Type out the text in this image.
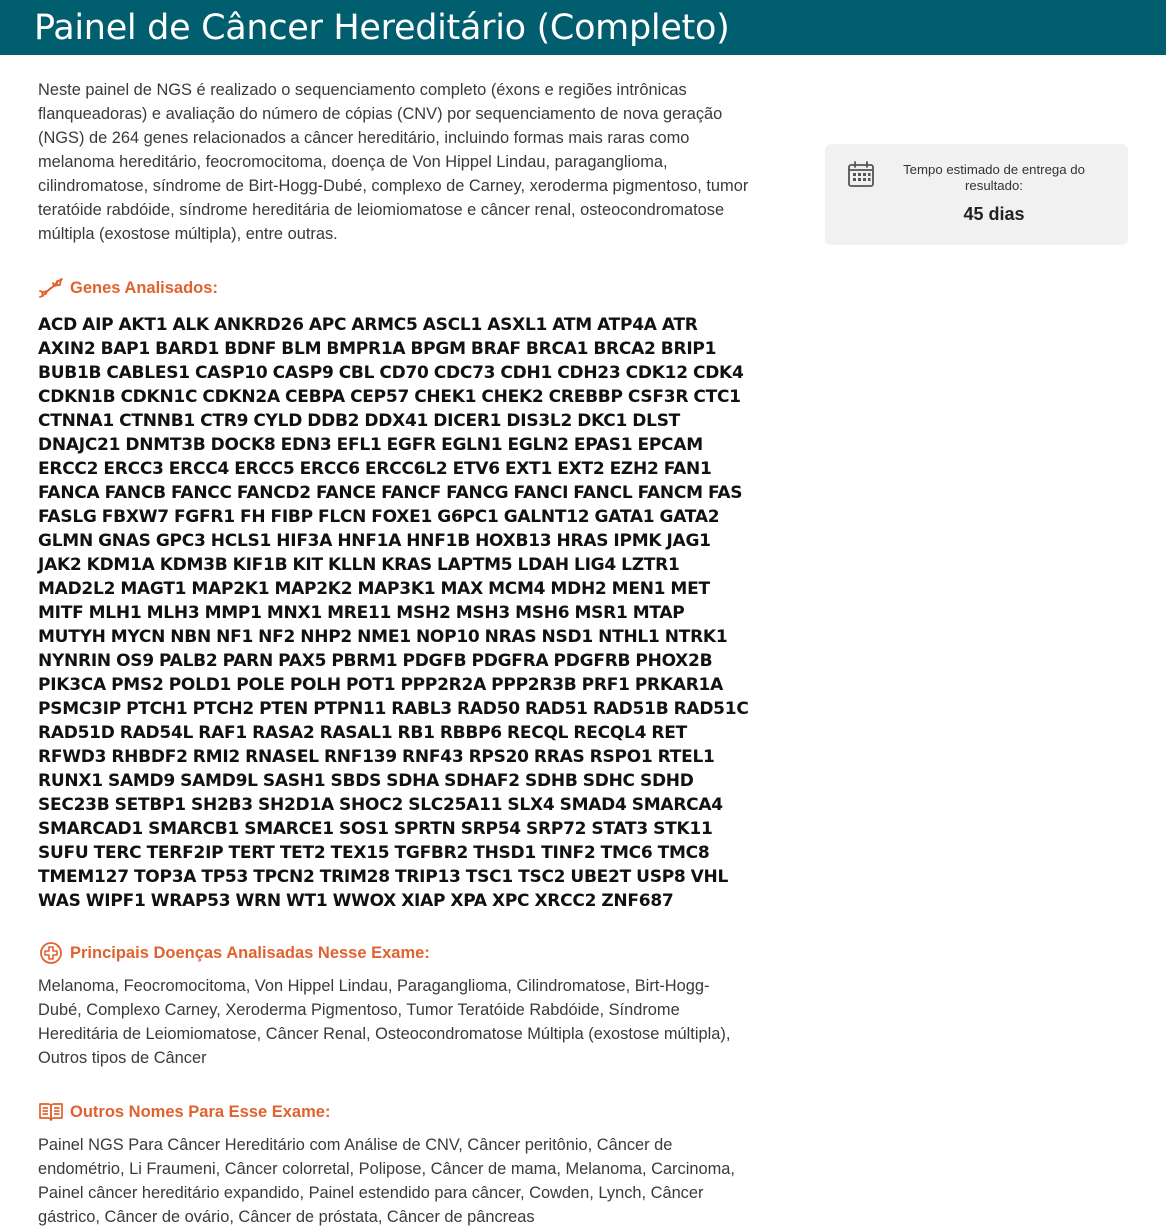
Painel de Câncer Hereditário (Completo)

Neste painel de NGS é realizado o sequenciamento completo (éxons e regiões intrônicas flanqueadoras) e avaliação do número de cópias (CNV) por sequenciamento de nova geração (NGS) de 264 genes relacionados a câncer hereditário, incluindo formas mais raras como melanoma hereditário, feocromocitoma, doença de Von Hippel Lindau, paraganglioma, cilindromatose, síndrome de Birt-Hogg-Dubé, complexo de Carney, xeroderma pigmentoso, tumor teratóide rabdóide, síndrome hereditária de leiomiomatose e câncer renal, osteocondromatose múltipla (exostose múltipla), entre outras.

Genes Analisados:

ACD AIP AKT1 ALK ANKRD26 APC ARMC5 ASCL1 ASXL1 ATM ATP4A ATR AXIN2 BAP1 BARD1 BDNF BLM BMPR1A BPGM BRAF BRCA1 BRCA2 BRIP1 BUB1B CABLES1 CASP10 CASP9 CBL CD70 CDC73 CDH1 CDH23 CDK12 CDK4 CDKN1B CDKN1C CDKN2A CEBPA CEP57 CHEK1 CHEK2 CREBBP CSF3R CTC1 CTNNA1 CTNNB1 CTR9 CYLD DDB2 DDX41 DICER1 DIS3L2 DKC1 DLST DNAJC21 DNMT3B DOCK8 EDN3 EFL1 EGFR EGLN1 EGLN2 EPAS1 EPCAM ERCC2 ERCC3 ERCC4 ERCC5 ERCC6 ERCC6L2 ETV6 EXT1 EXT2 EZH2 FAN1 FANCA FANCB FANCC FANCD2 FANCE FANCF FANCG FANCI FANCL FANCM FAS FASLG FBXW7 FGFR1 FH FIBP FLCN FOXE1 G6PC1 GALNT12 GATA1 GATA2 GLMN GNAS GPC3 HCLS1 HIF3A HNF1A HNF1B HOXB13 HRAS IPMK JAG1 JAK2 KDM1A KDM3B KIF1B KIT KLLN KRAS LAPTM5 LDAH LIG4 LZTR1 MAD2L2 MAGT1 MAP2K1 MAP2K2 MAP3K1 MAX MCM4 MDH2 MEN1 MET MITF MLH1 MLH3 MMP1 MNX1 MRE11 MSH2 MSH3 MSH6 MSR1 MTAP MUTYH MYCN NBN NF1 NF2 NHP2 NME1 NOP10 NRAS NSD1 NTHL1 NTRK1 NYNRIN OS9 PALB2 PARN PAX5 PBRM1 PDGFB PDGFRA PDGFRB PHOX2B PIK3CA PMS2 POLD1 POLE POLH POT1 PPP2R2A PPP2R3B PRF1 PRKAR1A PSMC3IP PTCH1 PTCH2 PTEN PTPN11 RABL3 RAD50 RAD51 RAD51B RAD51C RAD51D RAD54L RAF1 RASA2 RASAL1 RB1 RBBP6 RECQL RECQL4 RET RFWD3 RHBDF2 RMI2 RNASEL RNF139 RNF43 RPS20 RRAS RSPO1 RTEL1 RUNX1 SAMD9 SAMD9L SASH1 SBDS SDHA SDHAF2 SDHB SDHC SDHD SEC23B SETBP1 SH2B3 SH2D1A SHOC2 SLC25A11 SLX4 SMAD4 SMARCA4 SMARCAD1 SMARCB1 SMARCE1 SOS1 SPRTN SRP54 SRP72 STAT3 STK11 SUFU TERC TERF2IP TERT TET2 TEX15 TGFBR2 THSD1 TINF2 TMC6 TMC8 TMEM127 TOP3A TP53 TPCN2 TRIM28 TRIP13 TSC1 TSC2 UBE2T USP8 VHL WAS WIPF1 WRAP53 WRN WT1 WWOX XIAP XPA XPC XRCC2 ZNF687

Principais Doenças Analisadas Nesse Exame:

Melanoma, Feocromocitoma, Von Hippel Lindau, Paraganglioma, Cilindromatose, Birt-Hogg-Dubé, Complexo Carney, Xeroderma Pigmentoso, Tumor Teratóide Rabdóide, Síndrome Hereditária de Leiomiomatose, Câncer Renal, Osteocondromatose Múltipla (exostose múltipla), Outros tipos de Câncer

Outros Nomes Para Esse Exame:

Painel NGS Para Câncer Hereditário com Análise de CNV, Câncer peritônio, Câncer de endométrio, Li Fraumeni, Câncer colorretal, Polipose, Câncer de mama, Melanoma, Carcinoma, Painel câncer hereditário expandido, Painel estendido para câncer, Cowden, Lynch, Câncer gástrico, Câncer de ovário, Câncer de próstata, Câncer de pâncreas

Tempo estimado de entrega do resultado:
45 dias
